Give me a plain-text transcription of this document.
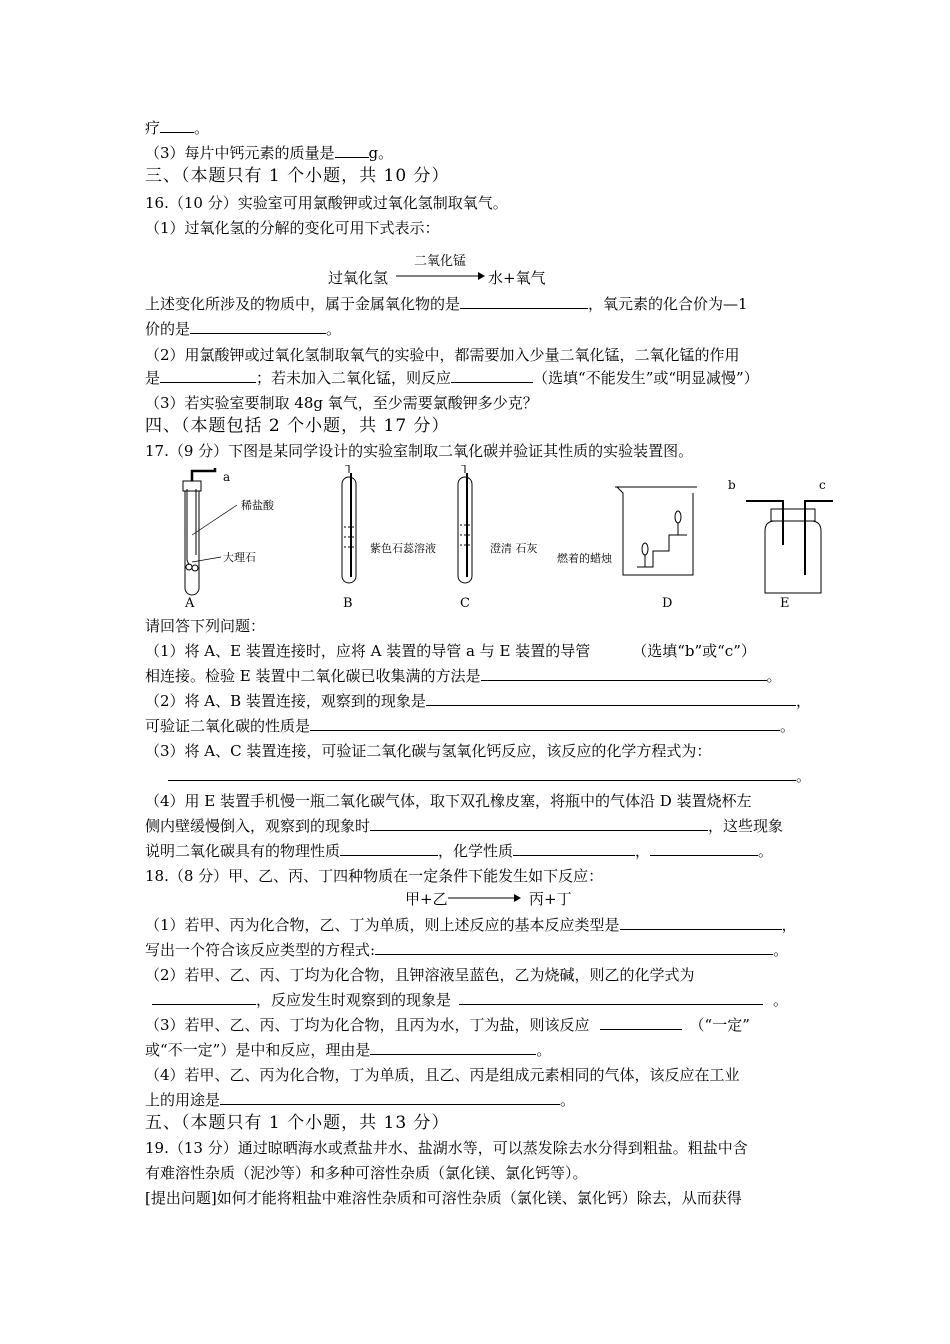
疗 。
（3）每片中钙元素的质量是 g。
三、（本题只有 1 个小题，共 10 分）
16.（10 分）实验室可用氯酸钾或过氧化氢制取氧气。
（1）过氧化氢的分解的变化可用下式表示：
过氧化氢
二氧化锰
水+氧气
上述变化所涉及的物质中，属于金属氧化物的是	，氧元素的化合价为—1
价的是	。
（2）用氯酸钾或过氧化氢制取氧气的实验中，都需要加入少量二氧化锰，二氧化锰的作用
是	；若未加入二氧化锰，则反应	（选填“不能发生”或“明显减慢”）
（3）若实验室要制取 48g 氧气，至少需要氯酸钾多少克？
四、（本题包括 2 个小题，共 17 分）
17.（9 分）下图是某同学设计的实验室制取二氧化碳并验证其性质的实验装置图。
a
稀盐酸
大理石
A
紫色石蕊溶液
B
澄清 石灰
C
燃着的蜡烛
D
b	c
E
请回答下列问题：
（1）将 A、E 装置连接时，应将 A 装置的导管 a 与 E 装置的导管	（选填“b”或“c”）
相连接。检验 E 装置中二氧化碳已收集满的方法是	。
（2）将 A、B 装置连接，观察到的现象是	，
可验证二氧化碳的性质是	。
（3）将 A、C 装置连接，可验证二氧化碳与氢氧化钙反应，该反应的化学方程式为：
。
（4）用 E 装置手机慢一瓶二氧化碳气体，取下双孔橡皮塞，将瓶中的气体沿 D 装置烧杯左
侧内壁缓慢倒入，观察到的现象时	，这些现象
说明二氧化碳具有的物理性质	，化学性质	，	。
18.（8 分）甲、乙、丙、丁四种物质在一定条件下能发生如下反应：
甲+乙	丙+丁
（1）若甲、丙为化合物，乙、丁为单质，则上述反应的基本反应类型是	，
写出一个符合该反应类型的方程式:	。
（2）若甲、乙、丙、丁均为化合物，且钾溶液呈蓝色，乙为烧碱，则乙的化学式为
，反应发生时观察到的现象是	。
（3）若甲、乙、丙、丁均为化合物，且丙为水，丁为盐，则该反应	（“一定”
或“不一定”）是中和反应，理由是	。
（4）若甲、乙、丙为化合物，丁为单质，且乙、丙是组成元素相同的气体，该反应在工业
上的用途是	。
五、（本题只有 1 个小题，共 13 分）
19.（13 分）通过晾晒海水或煮盐井水、盐湖水等，可以蒸发除去水分得到粗盐。粗盐中含
有难溶性杂质（泥沙等）和多种可溶性杂质（氯化镁、氯化钙等）。
[提出问题]如何才能将粗盐中难溶性杂质和可溶性杂质（氯化镁、氯化钙）除去，从而获得
